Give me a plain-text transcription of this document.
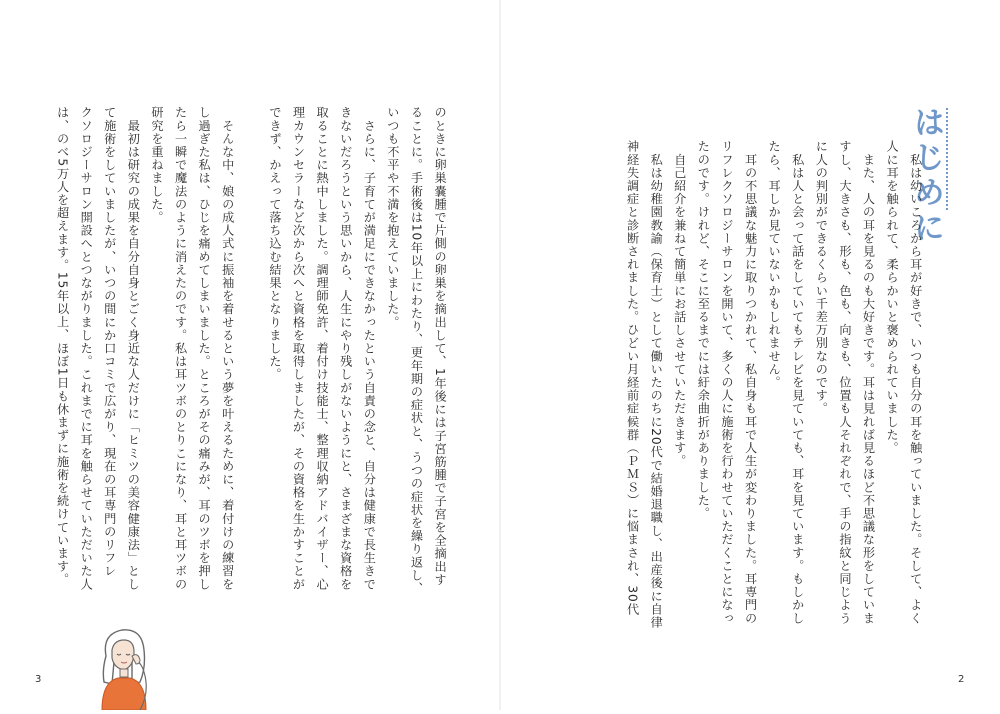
はじめに

　私は幼いころから耳が好きで、いつも自分の耳を触っていました。そして、よく
人に耳を触られて、柔らかいと褒められていました。
　また、人の耳を見るのも大好きです。耳は見れば見るほど不思議な形をしていま
すし、大きさも、形も、色も、向きも、位置も人それぞれで、手の指紋と同じよう
に人の判別ができるくらい千差万別なのです。

　私は人と会って話をしていてもテレビを見ていても、耳を見ています。もしかし
たら、耳しか見ていないかもしれません。

　耳の不思議な魅力に取りつかれて、私自身も耳で人生が変わりました。耳専門の
リフレクソロジーサロンを開いて、多くの人に施術を行わせていただくことになっ
たのです。けれど、そこに至るまでには紆余曲折がありました。
　自己紹介を兼ねて簡単にお話しさせていただきます。

　私は幼稚園教諭（保育士）として働いたのちに20代で結婚退職し、出産後に自律
神経失調症と診断されました。ひどい月経前症候群（ＰＭＳ）に悩まされ、30代

のときに卵巣嚢腫で片側の卵巣を摘出して、1年後には子宮筋腫で子宮を全摘出す
ることに。手術後は10年以上にわたり、更年期の症状と、うつの症状を繰り返し、
いつも不平や不満を抱えていました。

　さらに、子育てが満足にできなかったという自責の念と、自分は健康で長生きで
きないだろうという思いから、人生にやり残しがないようにと、さまざまな資格を
取ることに熱中しました。調理師免許、着付け技能士、整理収納アドバイザー、心
理カウンセラーなど次から次へと資格を取得しましたが、その資格を生かすことが
できず、かえって落ち込む結果となりました。

　そんな中、娘の成人式に振袖を着せるという夢を叶えるために、着付けの練習を
し過ぎた私は、ひじを痛めてしまいました。ところがその痛みが、耳のツボを押し
たら一瞬で魔法のように消えたのです。私は耳ツボのとりこになり、耳と耳ツボの
研究を重ねました。

　最初は研究の成果を自分自身とごく身近な人だけに「ヒミツの美容健康法」とし
て施術をしていましたが、いつの間にか口コミで広がり、現在の耳専門のリフレ
クソロジーサロン開設へとつながりました。これまでに耳を触らせていただいた人
は、のべ5万人を超えます。15年以上、ほぼ1日も休まずに施術を続けています。

3	2
